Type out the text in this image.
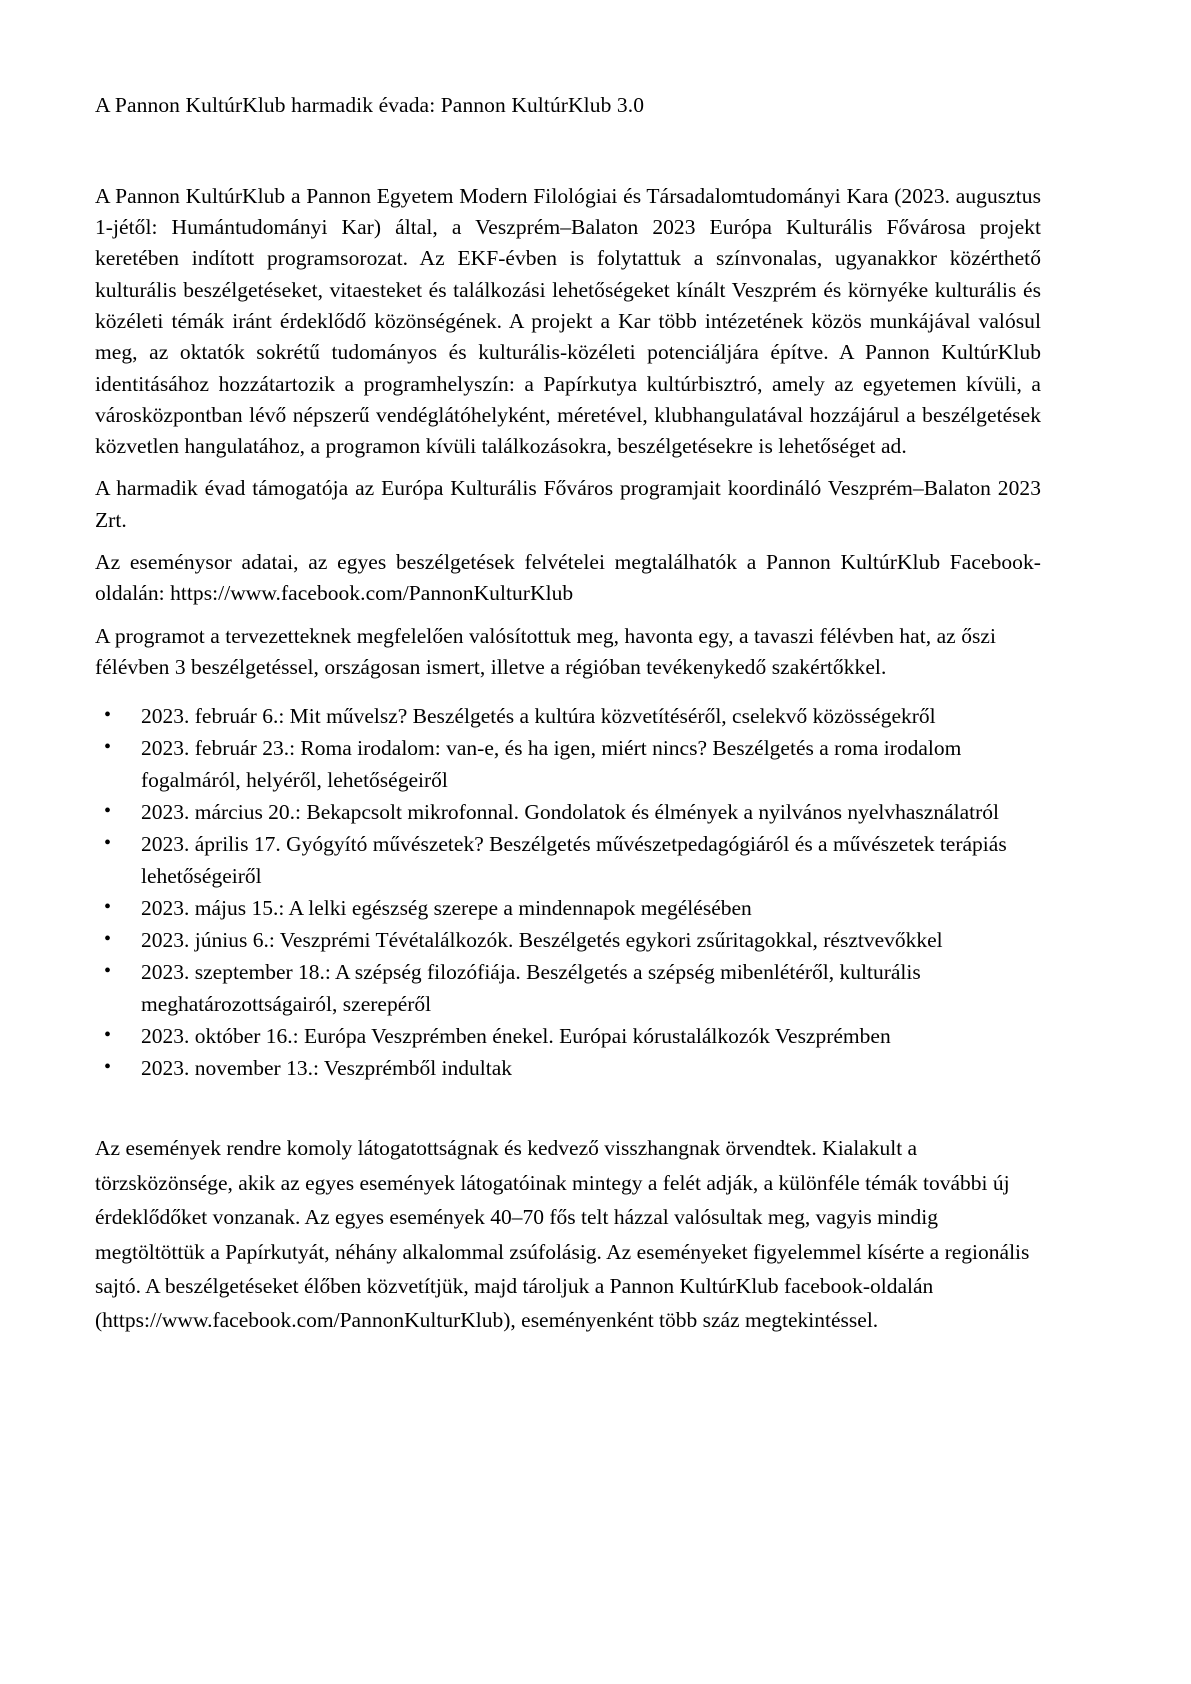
A Pannon KultúrKlub harmadik évada: Pannon KultúrKlub 3.0

A Pannon KultúrKlub a Pannon Egyetem Modern Filológiai és Társadalomtudományi Kara (2023. augusztus 1-jétől: Humántudományi Kar) által, a Veszprém–Balaton 2023 Európa Kulturális Fővárosa projekt keretében indított programsorozat. Az EKF-évben is folytattuk a színvonalas, ugyanakkor közérthető kulturális beszélgetéseket, vitaesteket és találkozási lehetőségeket kínált Veszprém és környéke kulturális és közéleti témák iránt érdeklődő közönségének. A projekt a Kar több intézetének közös munkájával valósul meg, az oktatók sokrétű tudományos és kulturális-közéleti potenciáljára építve. A Pannon KultúrKlub identitásához hozzátartozik a programhelyszín: a Papírkutya kultúrbisztró, amely az egyetemen kívüli, a városközpontban lévő népszerű vendéglátóhelyként, méretével, klubhangulatával hozzájárul a beszélgetések közvetlen hangulatához, a programon kívüli találkozásokra, beszélgetésekre is lehetőséget ad.

A harmadik évad támogatója az Európa Kulturális Főváros programjait koordináló Veszprém–Balaton 2023 Zrt.

Az eseménysor adatai, az egyes beszélgetések felvételei megtalálhatók a Pannon KultúrKlub Facebook-oldalán: https://www.facebook.com/PannonKulturKlub

A programot a tervezetteknek megfelelően valósítottuk meg, havonta egy, a tavaszi félévben hat, az őszi félévben 3 beszélgetéssel, országosan ismert, illetve a régióban tevékenykedő szakértőkkel.

• 2023. február 6.: Mit művelsz? Beszélgetés a kultúra közvetítéséről, cselekvő közösségekről
• 2023. február 23.: Roma irodalom: van-e, és ha igen, miért nincs? Beszélgetés a roma irodalom fogalmáról, helyéről, lehetőségeiről
• 2023. március 20.: Bekapcsolt mikrofonnal. Gondolatok és élmények a nyilvános nyelvhasználatról
• 2023. április 17. Gyógyító művészetek? Beszélgetés művészetpedagógiáról és a művészetek terápiás lehetőségeiről
• 2023. május 15.: A lelki egészség szerepe a mindennapok megélésében
• 2023. június 6.: Veszprémi Tévétalálkozók. Beszélgetés egykori zsűritagokkal, résztvevőkkel
• 2023. szeptember 18.: A szépség filozófiája. Beszélgetés a szépség mibenlétéről, kulturális meghatározottságairól, szerepéről
• 2023. október 16.: Európa Veszprémben énekel. Európai kórustalálkozók Veszprémben
• 2023. november 13.: Veszprémből indultak

Az események rendre komoly látogatottságnak és kedvező visszhangnak örvendtek. Kialakult a törzsközönsége, akik az egyes események látogatóinak mintegy a felét adják, a különféle témák további új érdeklődőket vonzanak. Az egyes események 40–70 fős telt házzal valósultak meg, vagyis mindig megtöltöttük a Papírkutyát, néhány alkalommal zsúfolásig. Az eseményeket figyelemmel kísérte a regionális sajtó. A beszélgetéseket élőben közvetítjük, majd tároljuk a Pannon KultúrKlub facebook-oldalán (https://www.facebook.com/PannonKulturKlub), eseményenként több száz megtekintéssel.
